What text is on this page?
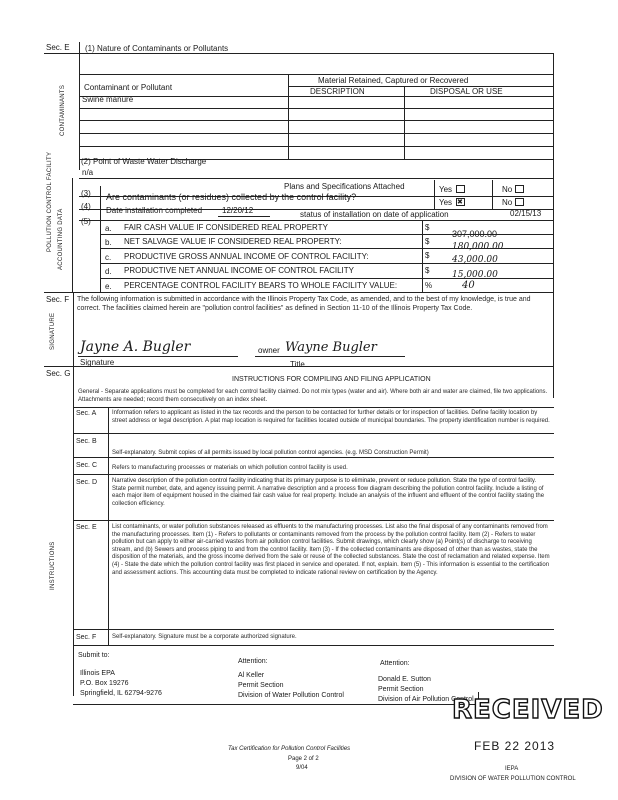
Sec. E (1) Nature of Contaminants or Pollutants
CONTAMINANTS
Material Retained, Captured or Recovered
Contaminant or Pollutant	DESCRIPTION	DISPOSAL OR USE
Swine manure
(2) Point of Waste Water Discharge
n/a
POLLUTION CONTROL FACILITY ACCOUNTING DATA
Plans and Specifications Attached	Yes	No
(3) Are contaminants (or residues) collected by the control facility?
Yes
✖	No
(4) Date installation completed 12/20/12	status of installation on date of application	02/15/13
(5)
a. FAIR CASH VALUE IF CONSIDERED REAL PROPERTY	$
307,000.00
b. NET SALVAGE VALUE IF CONSIDERED REAL PROPERTY:	$
180,000.00
c. PRODUCTIVE GROSS ANNUAL INCOME OF CONTROL FACILITY:	$	43,000.00
d. PRODUCTIVE NET ANNUAL INCOME OF CONTROL FACILITY	$	15,000.00
e. PERCENTAGE CONTROL FACILITY BEARS TO WHOLE FACILITY VALUE:	%	40
Sec. F
SIGNATURE
The following information is submitted in accordance with the Illinois Property Tax Code, as amended, and to the best of my knowledge, is true and correct. The facilities claimed herein are "pollution control facilities" as defined in Section 11-10 of the Illinois Property Tax Code.
Jayne A. Bugler	owner Wayne Bugler
Signature	Title
Sec. G
INSTRUCTIONS
INSTRUCTIONS FOR COMPILING AND FILING APPLICATION
General - Separate applications must be completed for each control facility claimed. Do not mix types (water and air). Where both air and water are claimed, file two applications. Attachments are needed; record them consecutively on an index sheet.
Sec. A	Information refers to applicant as listed in the tax records and the person to be contacted for further details or for inspection of facilities. Define facility location by street address or legal description. A plat map location is required for facilities located outside of municipal boundaries. The property identification number is required.
Sec. B
Self-explanatory. Submit copies of all permits issued by local pollution control agencies. (e.g. MSD Construction Permit)
Sec. C Refers to manufacturing processes or materials on which pollution control facility is used.
Sec. D Narrative description of the pollution control facility indicating that its primary purpose is to eliminate, prevent or reduce pollution. State the type of control facility. State permit number, date, and agency issuing permit. A narrative description and a process flow diagram describing the pollution control facility. Include a listing of each major item of equipment housed in the claimed fair cash value for real property. Include an analysis of the influent and effluent of the control facility stating the collection efficiency.
Sec. E	List contaminants, or water pollution substances released as effluents to the manufacturing processes. List also the final disposal of any contaminants removed from the manufacturing processes. Item (1) - Refers to pollutants or contaminants removed from the process by the pollution control facility. Item (2) - Refers to water pollution but can apply to either air-carried wastes from air pollution control facilities. Submit drawings, which clearly show (a) Point(s) of discharge to receiving stream, and (b) Sewers and process piping to and from the control facility. Item (3) - If the collected contaminants are disposed of other than as wastes, state the disposition of the materials, and the gross income derived from the sale or reuse of the collected substances. State the cost of reclamation and related expense. Item (4) - State the date which the pollution control facility was first placed in service and operated. If not, explain. Item (5) - This information is essential to the certification and assessment actions. This accounting data must be completed to indicate rational review on certification by the Agency.
Sec. F	Self-explanatory. Signature must be a corporate authorized signature.
Submit to:
Attention:	Attention:
Illinois EPA
P.O. Box 19276
Springfield, IL 62794-9276
Al Keller
Permit Section
Division of Water Pollution Control
Donald E. Sutton
Permit Section
Division of Air Pollution Control
RECEIVED
FEB 22 2013
IEPA
DIVISION OF WATER POLLUTION CONTROL
Tax Certification for Pollution Control Facilities
Page 2 of 2
9/04
